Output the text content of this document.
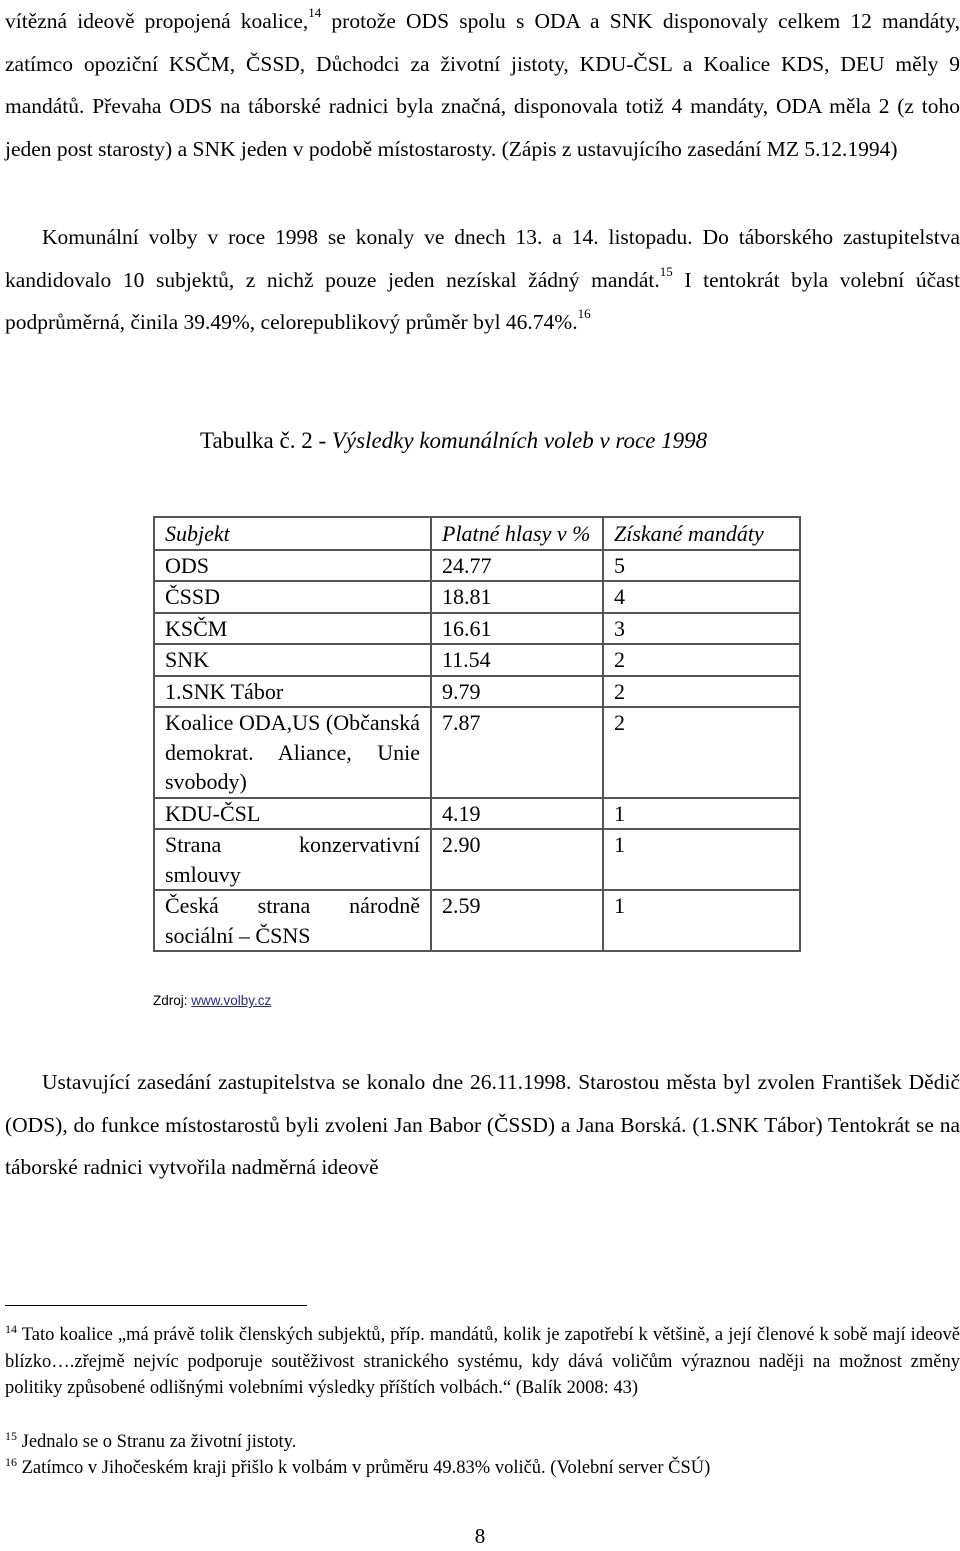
vítězná ideově propojená koalice,$^{14}$ protože ODS spolu s ODA a SNK disponovaly celkem 12 mandáty, zatímco opoziční KSČM, ČSSD, Důchodci za životní jistoty, KDU-ČSL a Koalice KDS, DEU měly 9 mandátů. Převaha ODS na táborské radnici byla značná, disponovala totiž 4 mandáty, ODA měla 2 (z toho jeden post starosty) a SNK jeden v podobě místostarosty. (Zápis z ustavujícího zasedání MZ 5.12.1994)

Komunální volby v roce 1998 se konaly ve dnech 13. a 14. listopadu. Do táborského zastupitelstva kandidovalo 10 subjektů, z nichž pouze jeden nezískal žádný mandát.$^{15}$ I tentokrát byla volební účast podprůměrná, činila 39.49%, celorepublikový průměr byl 46.74%.$^{16}$

Tabulka č. 2 - Výsledky komunálních voleb v roce 1998
Subjekt	Platné hlasy v %	Získané mandáty
ODS	24.77	5
ČSSD	18.81	4
KSČM	16.61	3
SNK	11.54	2
1.SNK Tábor	9.79	2
Koalice ODA,US (Občanská demokrat. Aliance, Unie svobody)	7.87	2
KDU-ČSL	4.19	1
Strana konzervativní smlouvy	2.90	1
Česká strana národně sociální – ČSNS	2.59	1
Zdroj: www.volby.cz

Ustavující zasedání zastupitelstva se konalo dne 26.11.1998. Starostou města byl zvolen František Dědič (ODS), do funkce místostarostů byli zvoleni Jan Babor (ČSSD) a Jana Borská. (1.SNK Tábor) Tentokrát se na táborské radnici vytvořila nadměrná ideově

$^{14}$ Tato koalice „má právě tolik členských subjektů, příp. mandátů, kolik je zapotřebí k většině, a její členové k sobě mají ideově blízko….zřejmě nejvíc podporuje soutěživost stranického systému, kdy dává voličům výraznou naději na možnost změny politiky způsobené odlišnými volebními výsledky příštích volbách.“ (Balík 2008: 43)

$^{15}$ Jednalo se o Stranu za životní jistoty.

$^{16}$ Zatímco v Jihočeském kraji přišlo k volbám v průměru 49.83% voličů. (Volební server ČSÚ)

8
